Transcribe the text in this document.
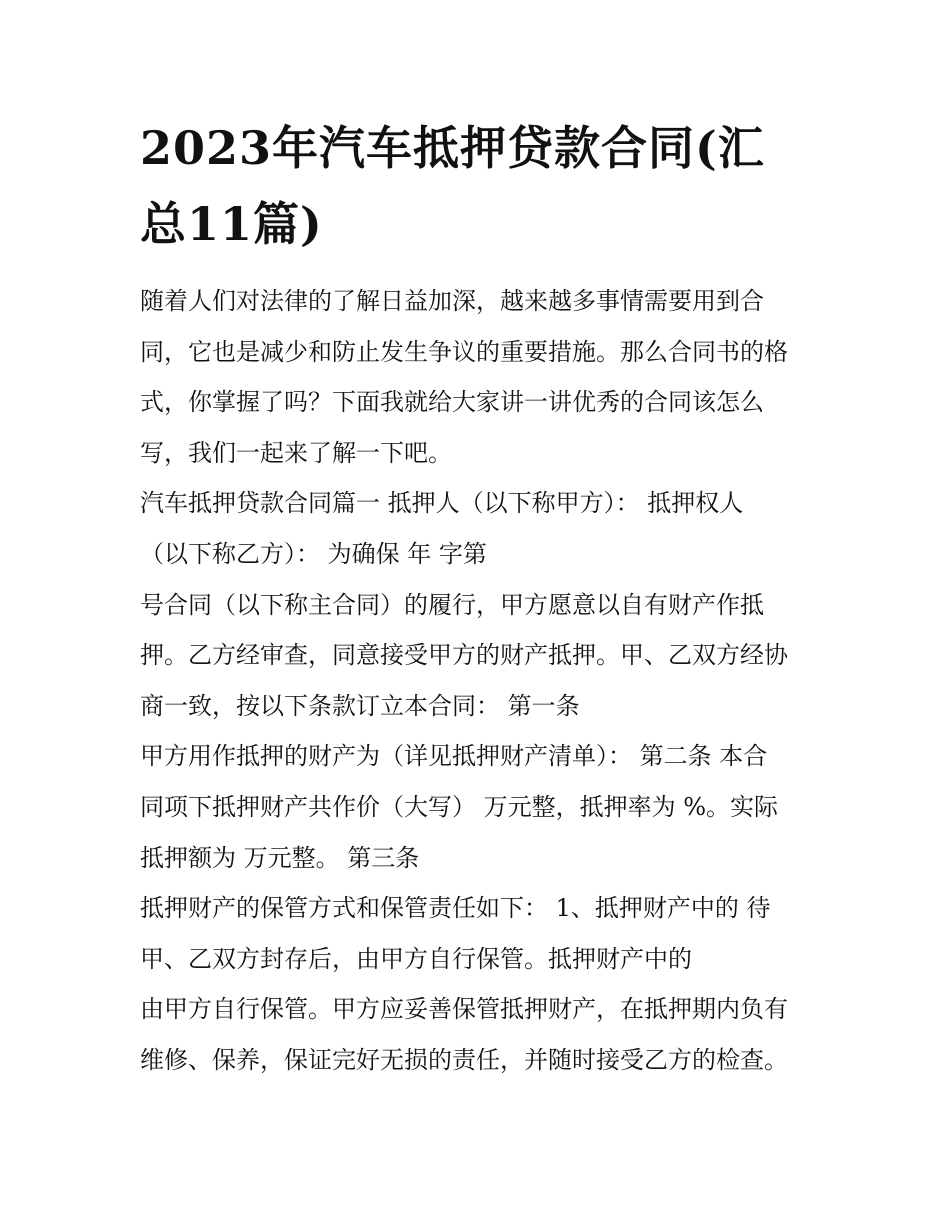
2023年汽车抵押贷款合同(汇
总11篇)
随着人们对法律的了解日益加深，越来越多事情需要用到合
同，它也是减少和防止发生争议的重要措施。那么合同书的格
式，你掌握了吗？下面我就给大家讲一讲优秀的合同该怎么
写，我们一起来了解一下吧。
汽车抵押贷款合同篇一 抵押人（以下称甲方）： 抵押权人
（以下称乙方）： 为确保 年 字第
号合同（以下称主合同）的履行，甲方愿意以自有财产作抵
押。乙方经审查，同意接受甲方的财产抵押。甲、乙双方经协
商一致，按以下条款订立本合同： 第一条
甲方用作抵押的财产为（详见抵押财产清单）： 第二条 本合
同项下抵押财产共作价（大写） 万元整，抵押率为 %。实际
抵押额为 万元整。 第三条
抵押财产的保管方式和保管责任如下： 1、抵押财产中的 待
甲、乙双方封存后，由甲方自行保管。抵押财产中的
由甲方自行保管。甲方应妥善保管抵押财产，在抵押期内负有
维修、保养，保证完好无损的责任，并随时接受乙方的检查。
